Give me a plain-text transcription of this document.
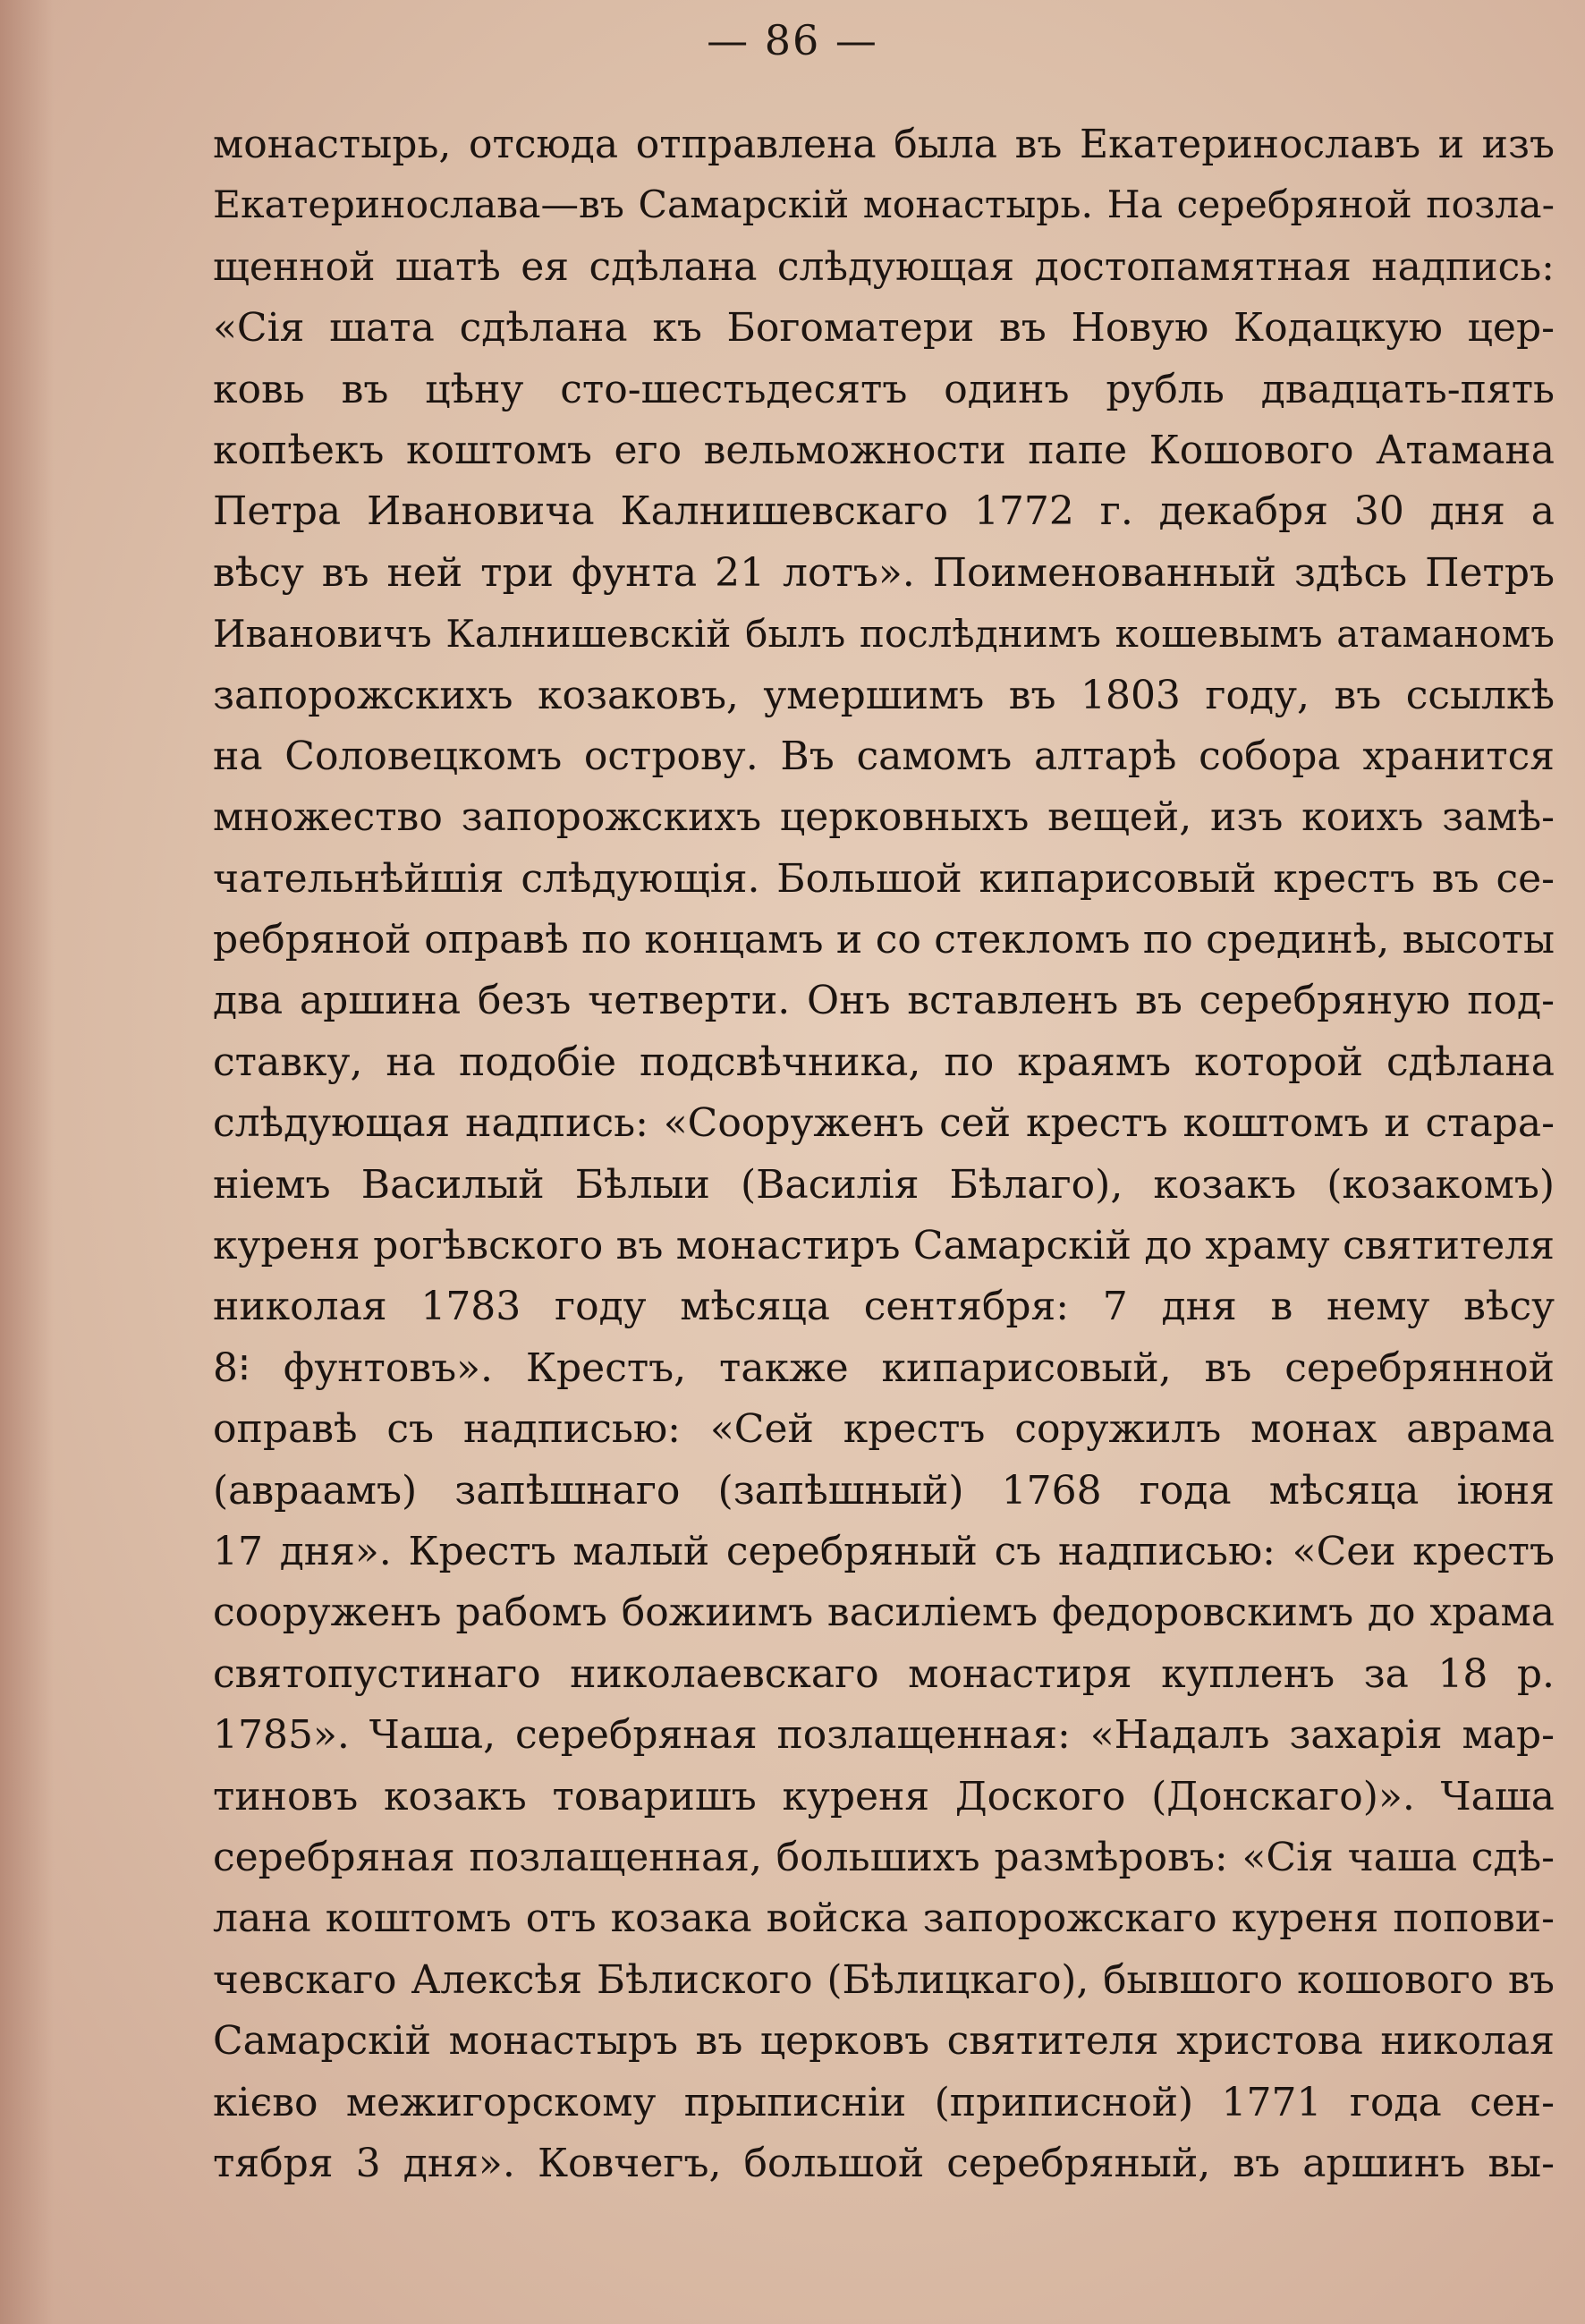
— 86 —
монастырь, отсюда отправлена была въ Екатеринославъ и изъ
Екатеринослава—въ Самарскій монастырь. На серебряной позла-
щенной шатѣ ея сдѣлана слѣдующая достопамятная надпись:
«Сія шата сдѣлана къ Богоматери въ Новую Кодацкую цер-
ковь въ цѣну сто-шестьдесятъ одинъ рубль двадцать-пять
копѣекъ коштомъ его вельможности папе Кошового Атамана
Петра Ивановича Калнишевскаго 1772 г. декабря 30 дня а
вѣсу въ ней три фунта 21 лотъ». Поименованный здѣсь Петръ
Ивановичъ Калнишевскій былъ послѣднимъ кошевымъ атаманомъ
запорожскихъ козаковъ, умершимъ въ 1803 году, въ ссылкѣ
на Соловецкомъ острову. Въ самомъ алтарѣ собора хранится
множество запорожскихъ церковныхъ вещей, изъ коихъ замѣ-
чательнѣйшія слѣдующія. Большой кипарисовый крестъ въ се-
ребряной оправѣ по концамъ и со стекломъ по срединѣ, высоты
два аршина безъ четверти. Онъ вставленъ въ серебряную под-
ставку, на подобіе подсвѣчника, по краямъ которой сдѣлана
слѣдующая надпись: «Сооруженъ сей крестъ коштомъ и стара-
ніемъ Василый Бѣлыи (Василія Бѣлаго), козакъ (козакомъ)
куреня рогѣвского въ монастиръ Самарскій до храму святителя
николая 1783 году мѣсяца сентября: 7 дня в нему вѣсу
8⁝ фунтовъ». Крестъ, также кипарисовый, въ серебрянной
оправѣ съ надписью: «Сей крестъ соружилъ монах аврама
(авраамъ) запѣшнаго (запѣшный) 1768 года мѣсяца іюня
17 дня». Крестъ малый серебряный съ надписью: «Сеи крестъ
сооруженъ рабомъ божиимъ василіемъ федоровскимъ до храма
святопустинаго николаевскаго монастиря купленъ за 18 р.
1785». Чаша, серебряная позлащенная: «Надалъ захарія мар-
тиновъ козакъ товаришъ куреня Доского (Донскаго)». Чаша
серебряная позлащенная, большихъ размѣровъ: «Сія чаша сдѣ-
лана коштомъ отъ козака войска запорожскаго куреня попови-
чевскаго Алексѣя Бѣлиского (Бѣлицкаго), бывшого кошового въ
Самарскій монастыръ въ церковъ святителя христова николая
кієво межигорскому прыписніи (приписной) 1771 года сен-
тября 3 дня». Ковчегъ, большой серебряный, въ аршинъ вы-
